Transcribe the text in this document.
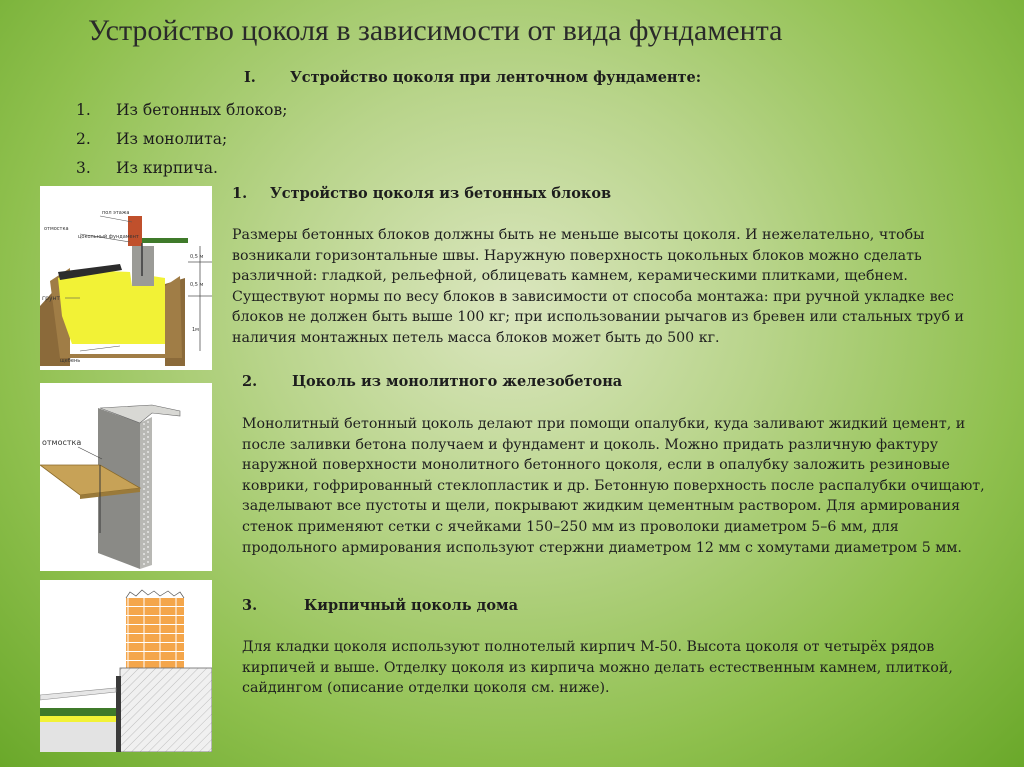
Устройство цоколя в зависимости от вида фундамента
I. Устройство цоколя при ленточном фундаменте:
1. Из бетонных блоков;
2. Из монолита;
3. Из кирпича.
1. Устройство цоколя из бетонных блоков

Размеры бетонных блоков должны быть не меньше высоты цоколя. И нежелательно, чтобы возникали горизонтальные швы. Наружную поверхность цокольных блоков можно сделать различной: гладкой, рельефной, облицевать камнем, керамическими плитками, щебнем. Существуют нормы по весу блоков в зависимости от способа монтажа: при ручной укладке вес блоков не должен быть выше 100 кг; при использовании рычагов из бревен или стальных труб и наличия монтажных петель масса блоков может быть до 500 кг.

2. Цоколь из монолитного железобетона

Монолитный бетонный цоколь делают при помощи опалубки, куда заливают жидкий цемент, и после заливки бетона получаем и фундамент и цоколь. Можно придать различную фактуру наружной поверхности монолитного бетонного цоколя, если в опалубку заложить резиновые коврики, гофрированный стеклопластик и др. Бетонную поверхность после распалубки очищают, заделывают все пустоты и щели, покрывают жидким цементным раствором. Для армирования стенок применяют сетки с ячейками 150–250 мм из проволоки диаметром 5–6 мм, для продольного армирования используют стержни диаметром 12 мм с хомутами диаметром 5 мм.

3.	Кирпичный цоколь дома

Для кладки цоколя используют полнотелый кирпич М-50. Высота цоколя от четырёх рядов кирпичей и выше. Отделку цоколя из кирпича можно делать естественным камнем, плиткой, сайдингом (описание отделки цоколя см. ниже).

пол этажа
отмостка
цокольный фундамент
грунт
0,5 м
0,5 м
1м
щебень
отмостка
